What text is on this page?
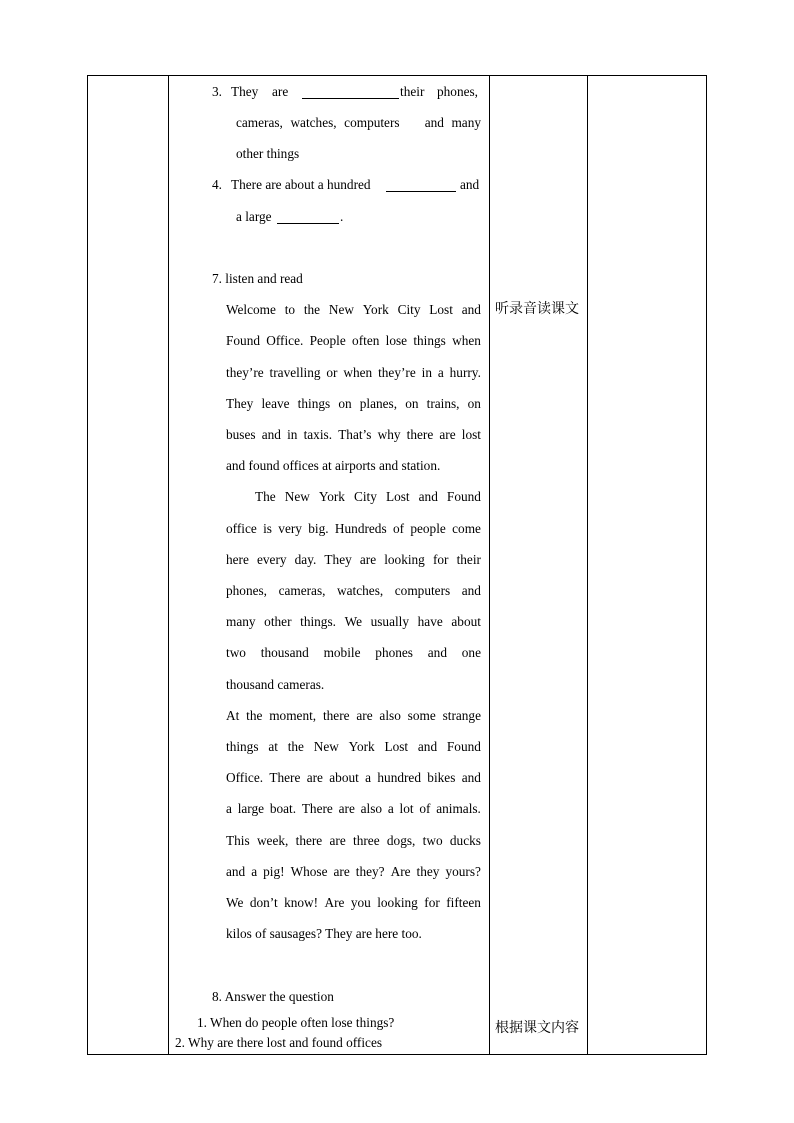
3. They are	their phones,
cameras, watches, computers and many
other things
4. There are about a hundred	and
a large	.
7. listen and read
听录音读课文
Welcome to the New York City Lost and
Found Office. People often lose things when
they’re travelling or when they’re in a hurry.
They leave things on planes, on trains, on
buses and in taxis. That’s why there are lost
and found offices at airports and station.
The New York City Lost and Found
office is very big. Hundreds of people come
here every day. They are looking for their
phones, cameras, watches, computers and
many other things. We usually have about
two thousand mobile phones and one
thousand cameras.
At the moment, there are also some strange
things at the New York Lost and Found
Office. There are about a hundred bikes and
a large boat. There are also a lot of animals.
This week, there are three dogs, two ducks
and a pig! Whose are they? Are they yours?
We don’t know! Are you looking for fifteen
kilos of sausages? They are here too.
8. Answer the question
1. When do people often lose things?
2. Why are there lost and found offices
根据课文内容
